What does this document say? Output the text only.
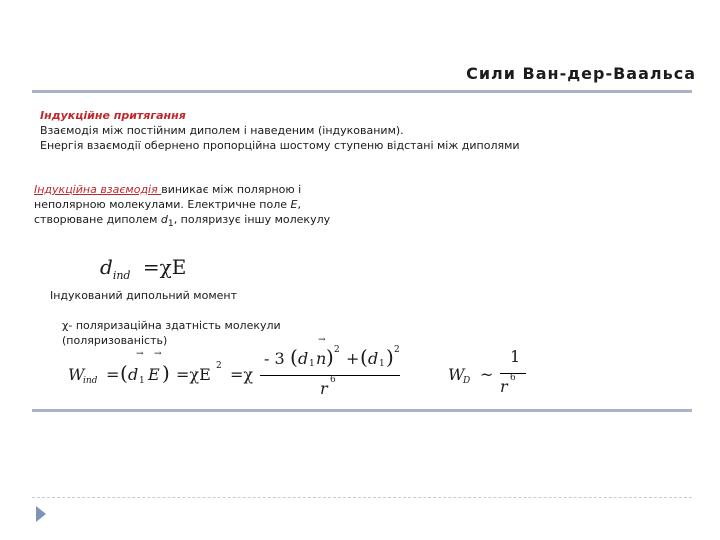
Сили Ван-дер-Ваальса
Індукційне притягання
Взаємодія між постійним диполем і наведеним (індукованим).
Енергія взаємодії обернено пропорційна шостому ступеню відстані між диполями
Індукційна взаємодія виникає між полярною і неполярною молекулами. Електричне поле E, створюване диполем $d_1$, поляризує іншу молекулу
$d_{ind} =\chi E$
Індукований дипольний момент
χ- поляризаційна здатність молекули
(поляризованість)
W
ind = (
→
d 1
→
E ) =χE 2 =χ
- 3 ( d 1
→
n ) 2 + ( d 1 ) 2
r 6	W
D ~
1
r 6
